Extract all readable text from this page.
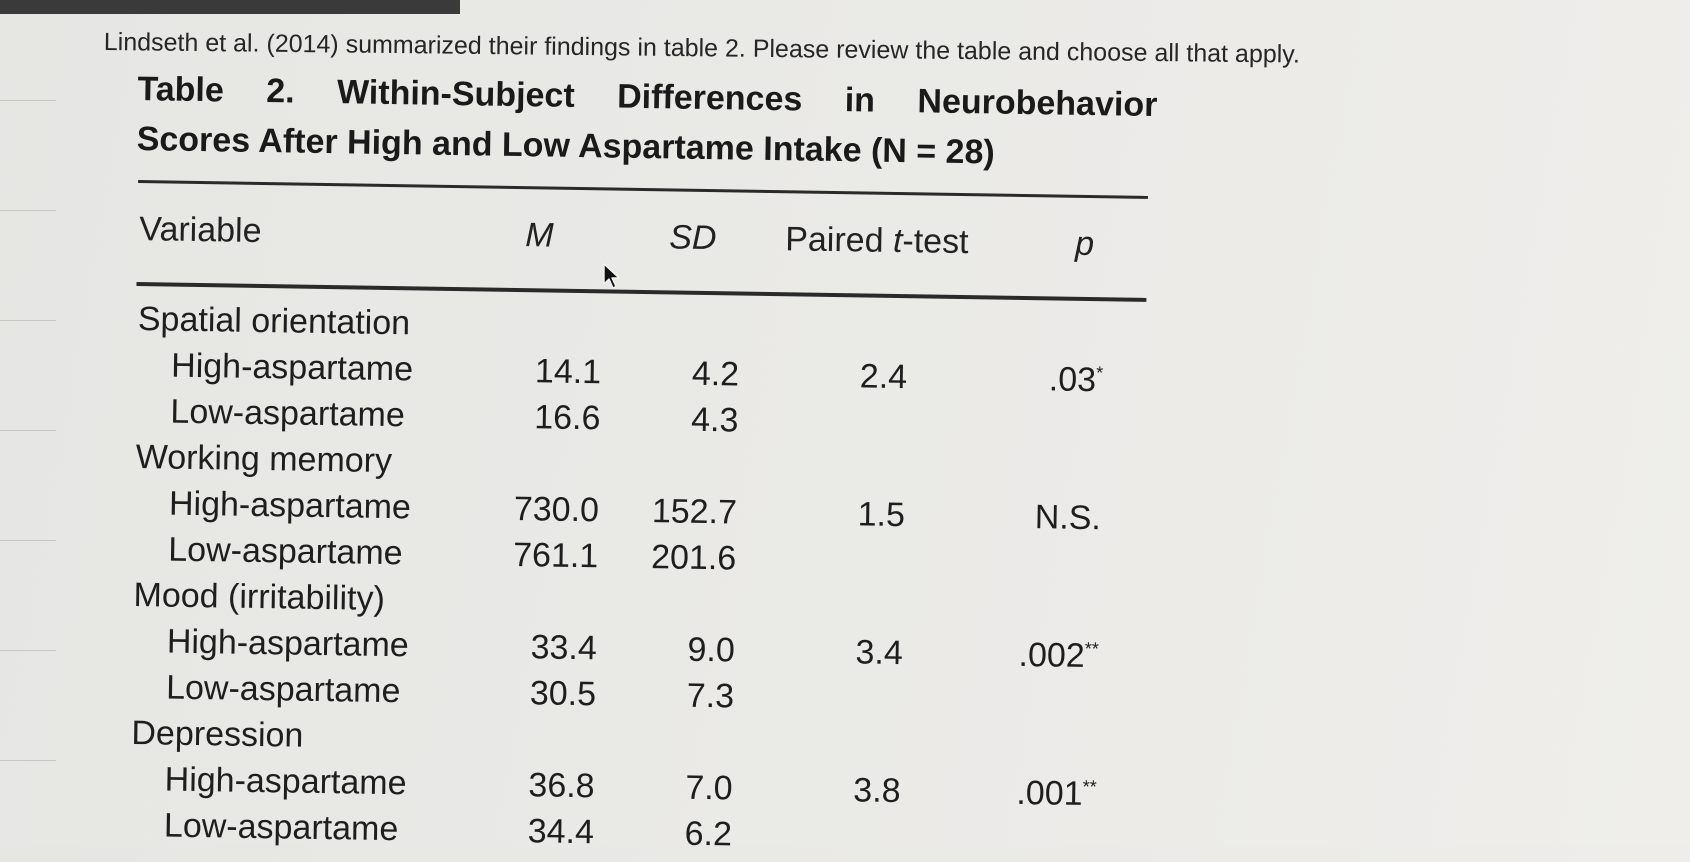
Lindseth et al. (2014) summarized their findings in table 2. Please review the table and choose all that apply.
Table 2. Within-Subject Differences in Neurobehavior
Scores After High and Low Aspartame Intake (N = 28)
Variable	M	SD Paired t-test	p
Spatial orientation
High-aspartame	14.1	4.2	2.4	.03*
Low-aspartame	16.6	4.3
Working memory
High-aspartame	730.0 152.7	1.5	N.S.
Low-aspartame	761.1 201.6
Mood (irritability)
High-aspartame	33.4	9.0	3.4	.002**
Low-aspartame	30.5	7.3
Depression
High-aspartame	36.8	7.0	3.8	.001**
Low-aspartame	34.4	6.2
